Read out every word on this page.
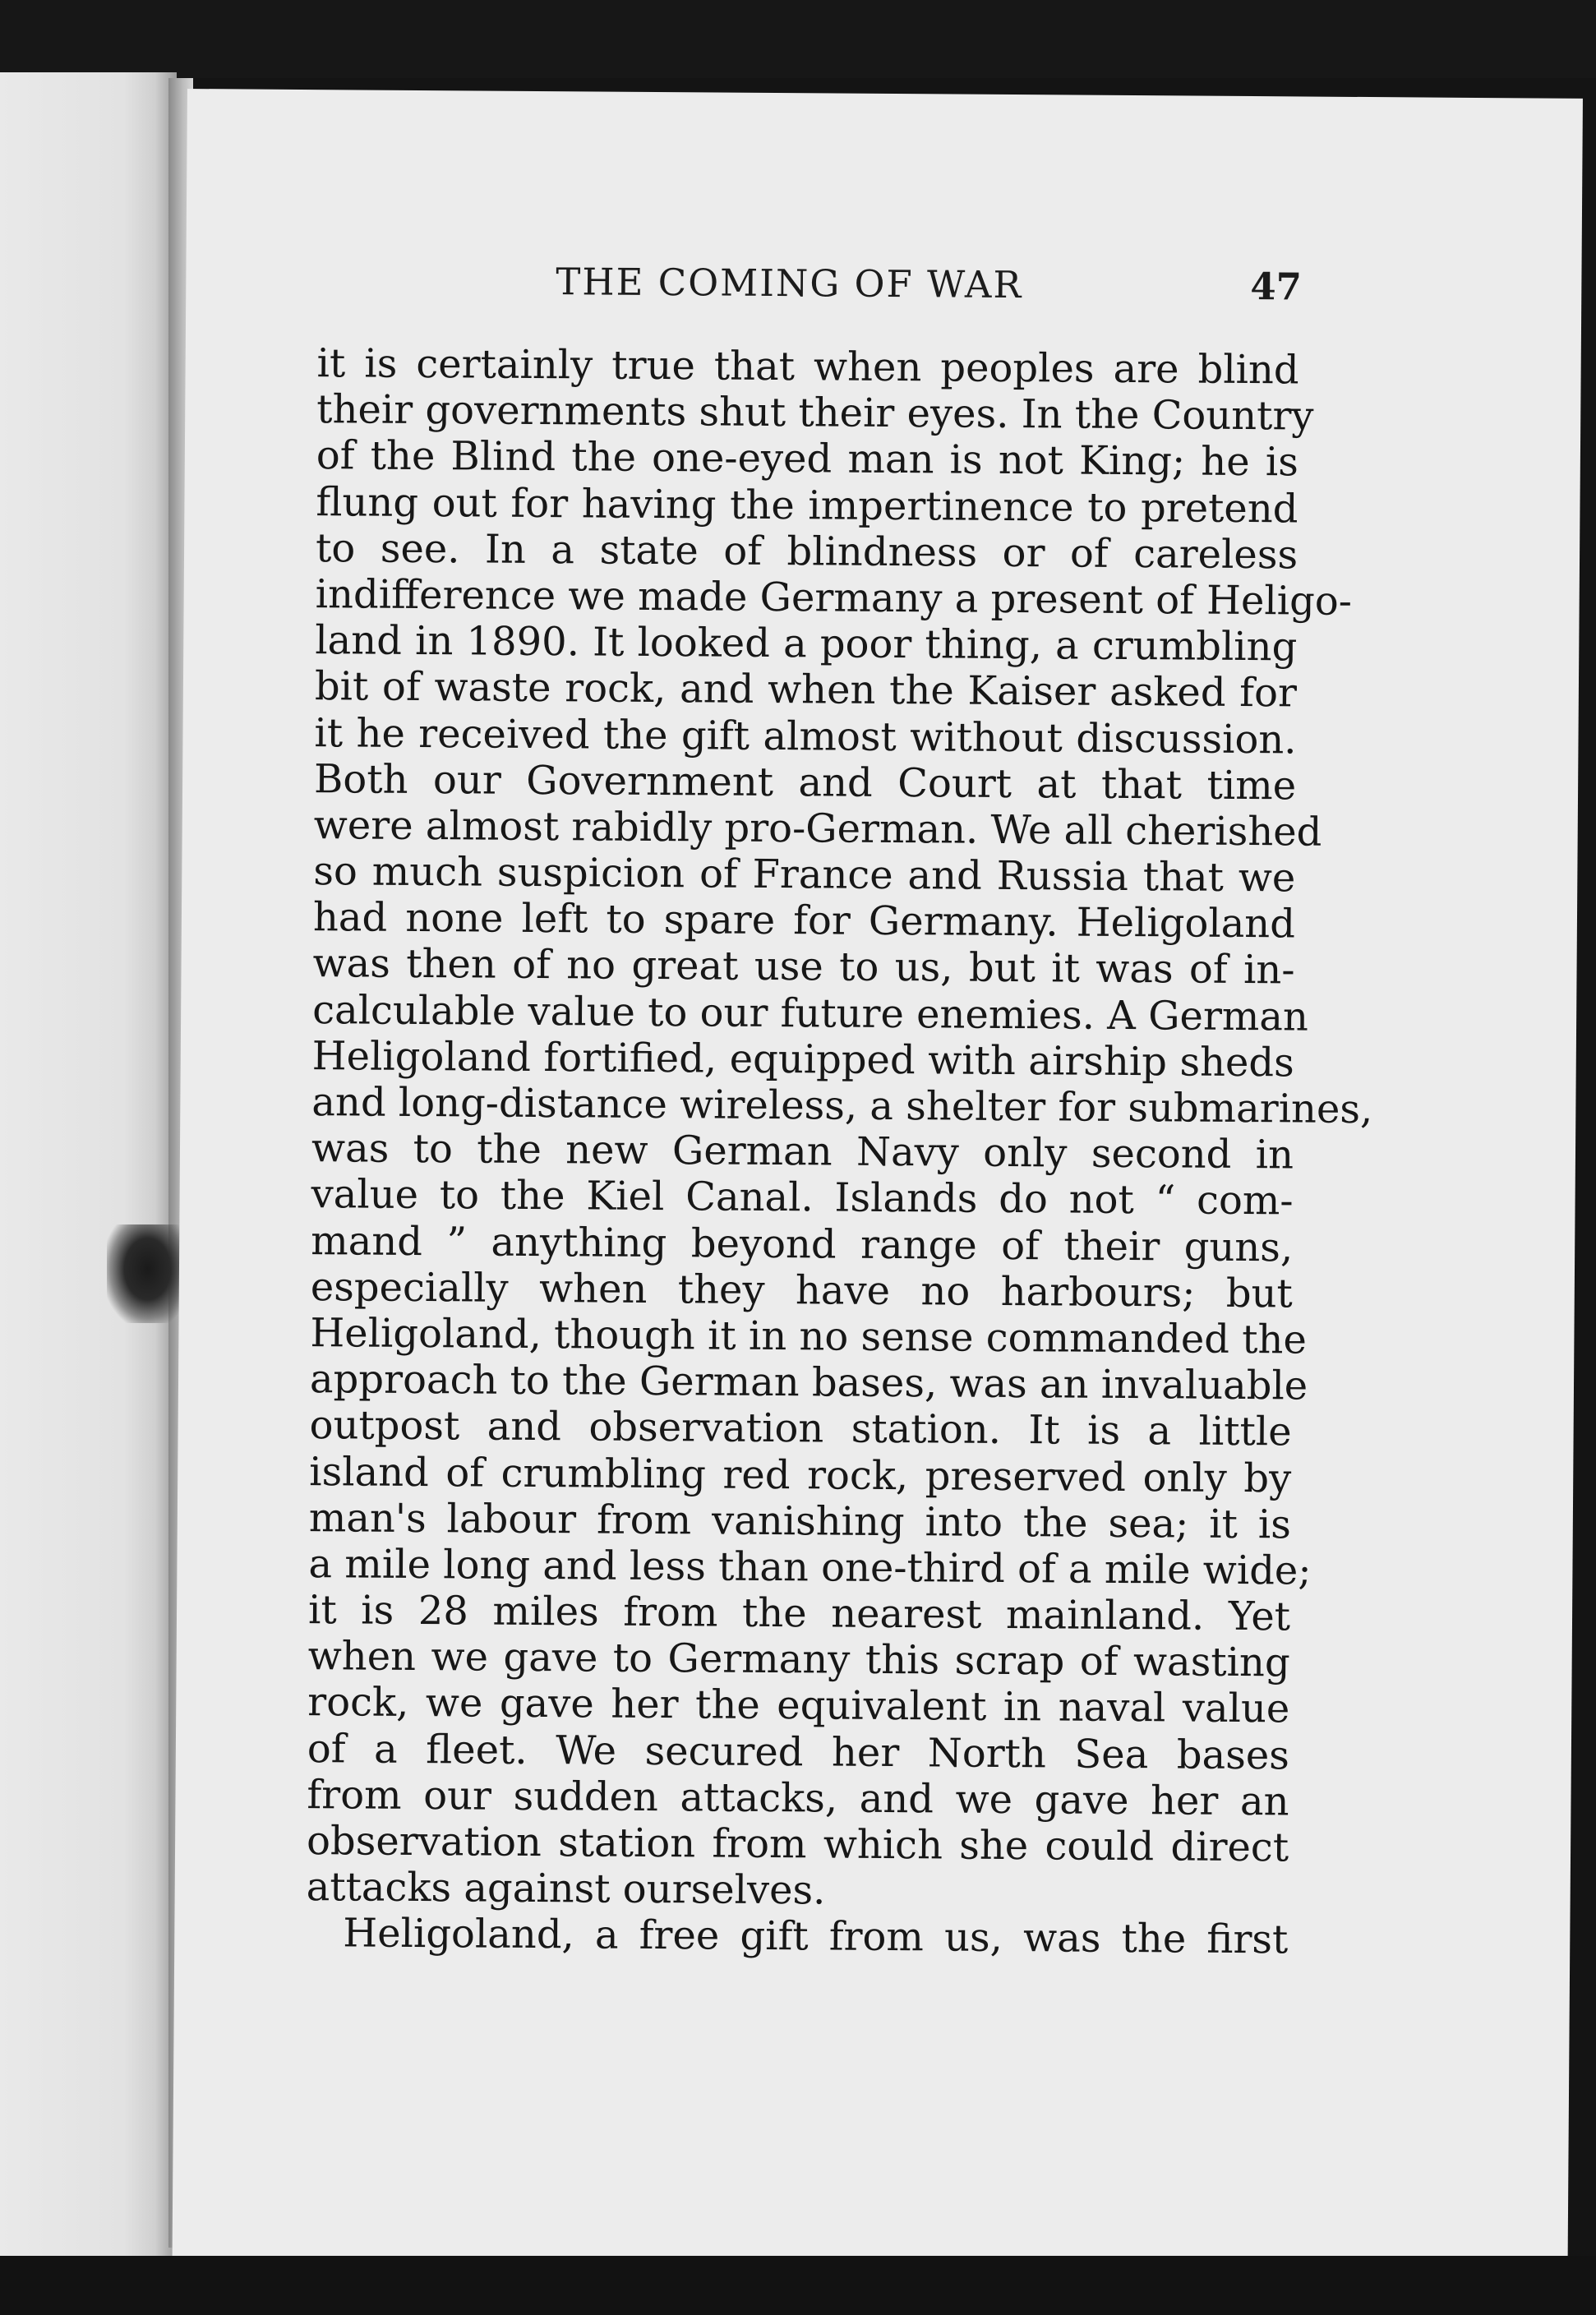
THE COMING OF WAR	47
it is certainly true that when peoples are blind
their governments shut their eyes. In the Country
of the Blind the one-eyed man is not King; he is
flung out for having the impertinence to pretend
to see. In a state of blindness or of careless
indifference we made Germany a present of Heligo-
land in 1890. It looked a poor thing, a crumbling
bit of waste rock, and when the Kaiser asked for
it he received the gift almost without discussion.
Both our Government and Court at that time
were almost rabidly pro-German. We all cherished
so much suspicion of France and Russia that we
had none left to spare for Germany. Heligoland
was then of no great use to us, but it was of in-
calculable value to our future enemies. A German
Heligoland fortified, equipped with airship sheds
and long-distance wireless, a shelter for submarines,
was to the new German Navy only second in
value to the Kiel Canal. Islands do not “ com-
mand ” anything beyond range of their guns,
especially when they have no harbours; but
Heligoland, though it in no sense commanded the
approach to the German bases, was an invaluable
outpost and observation station. It is a little
island of crumbling red rock, preserved only by
man's labour from vanishing into the sea; it is
a mile long and less than one-third of a mile wide;
it is 28 miles from the nearest mainland. Yet
when we gave to Germany this scrap of wasting
rock, we gave her the equivalent in naval value
of a fleet. We secured her North Sea bases
from our sudden attacks, and we gave her an
observation station from which she could direct
attacks against ourselves.
Heligoland, a free gift from us, was the first
